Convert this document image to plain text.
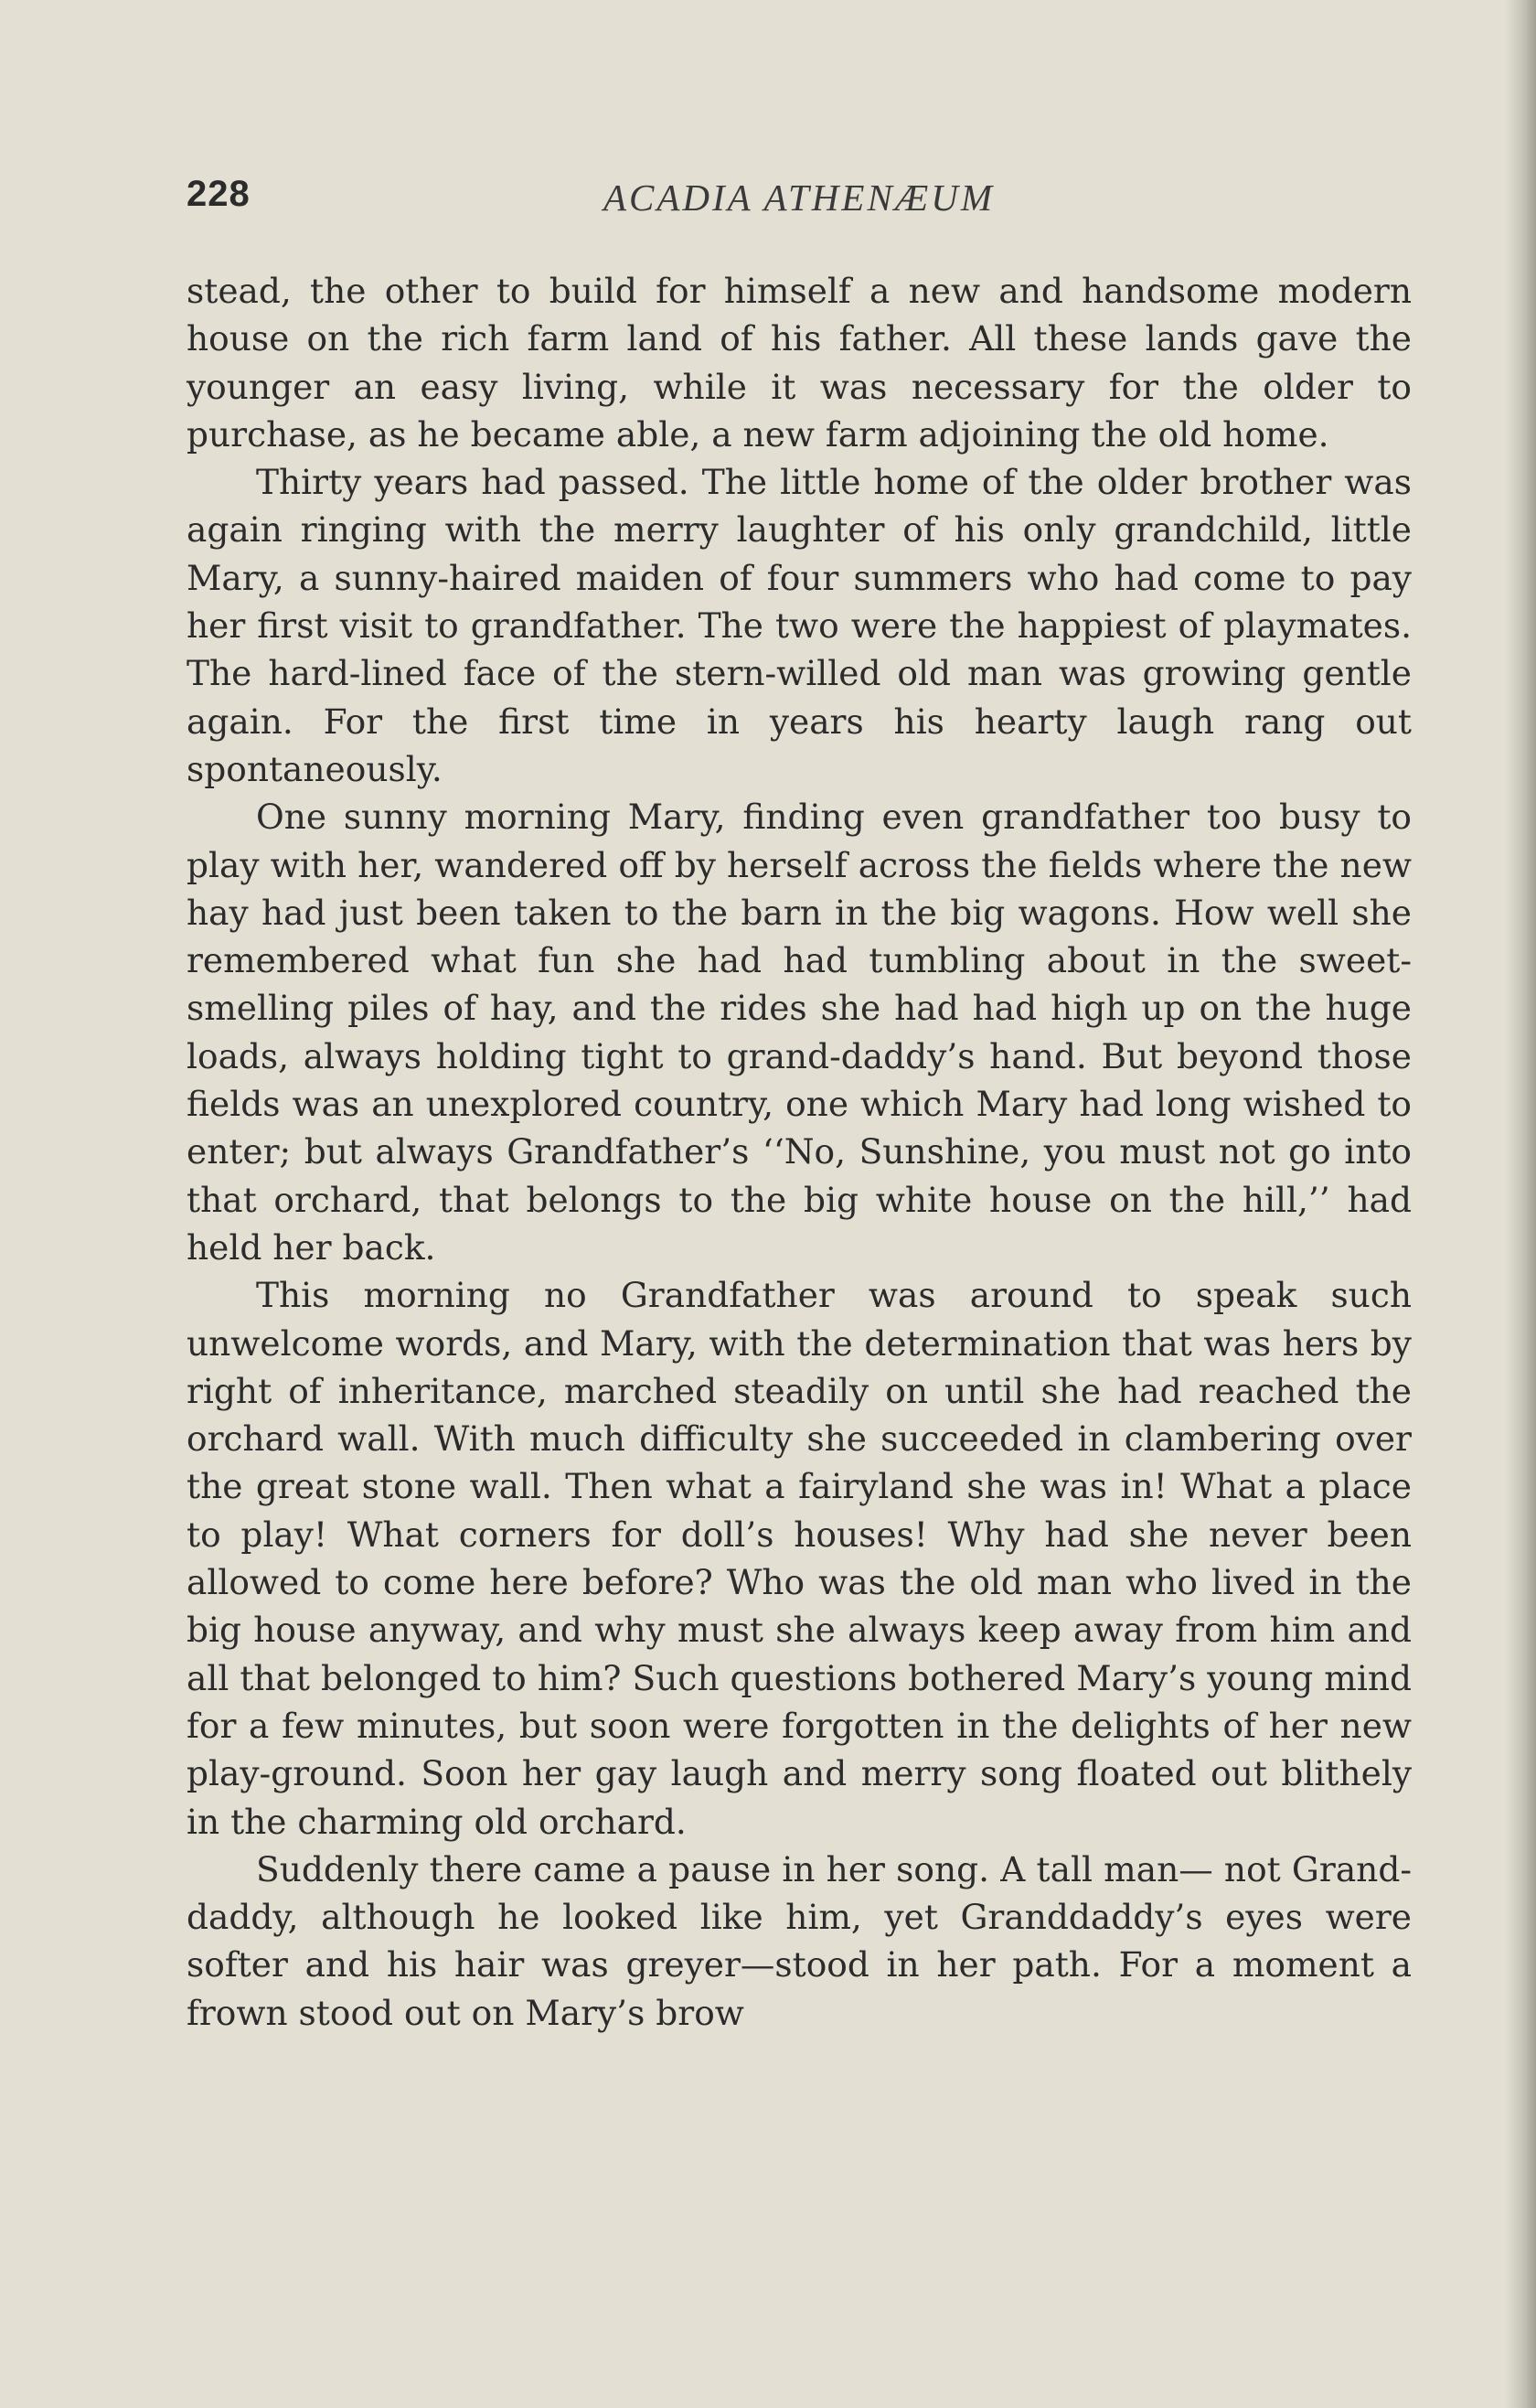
228	ACADIA ATHENÆUM

stead, the other to build for himself a new and handsome modern house on the rich farm land of his father. All these lands gave the younger an easy living, while it was necessary for the older to purchase, as he became able, a new farm adjoining the old home.

Thirty years had passed. The little home of the older brother was again ringing with the merry laughter of his only grandchild, little Mary, a sunny-haired maiden of four summers who had come to pay her first visit to grandfather. The two were the happiest of playmates. The hard-lined face of the stern-willed old man was growing gentle again. For the first time in years his hearty laugh rang out spontaneously.

One sunny morning Mary, finding even grandfather too busy to play with her, wandered off by herself across the fields where the new hay had just been taken to the barn in the big wagons. How well she remembered what fun she had had tumbling about in the sweet-smelling piles of hay, and the rides she had had high up on the huge loads, always holding tight to grand-daddy’s hand. But beyond those fields was an unexplored country, one which Mary had long wished to enter; but always Grandfather’s ‘‘No, Sunshine, you must not go into that orchard, that belongs to the big white house on the hill,’’ had held her back.

This morning no Grandfather was around to speak such unwelcome words, and Mary, with the determination that was hers by right of inheritance, marched steadily on until she had reached the orchard wall. With much difficulty she succeeded in clambering over the great stone wall. Then what a fairyland she was in! What a place to play! What corners for doll’s houses! Why had she never been allowed to come here before? Who was the old man who lived in the big house anyway, and why must she always keep away from him and all that belonged to him? Such questions bothered Mary’s young mind for a few minutes, but soon were forgotten in the delights of her new play-ground. Soon her gay laugh and merry song floated out blithely in the charming old orchard.

Suddenly there came a pause in her song. A tall man— not Grand-daddy, although he looked like him, yet Granddaddy’s eyes were softer and his hair was greyer—stood in her path. For a moment a frown stood out on Mary’s brow
